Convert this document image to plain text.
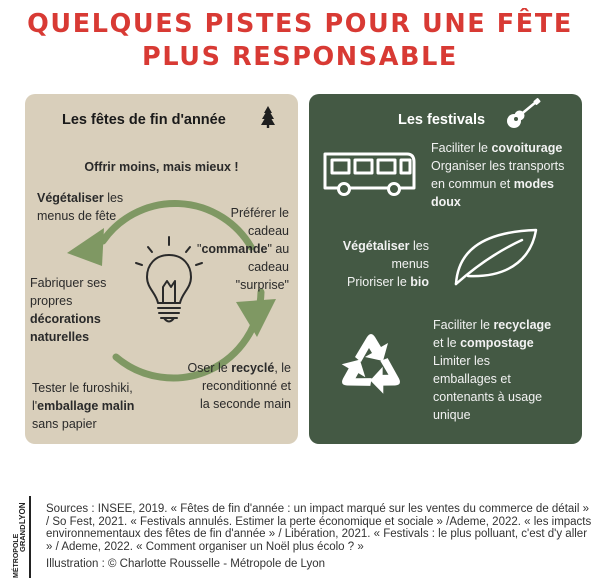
QUELQUES PISTES POUR UNE FÊTE
PLUS RESPONSABLE
Les fêtes de fin d'année
Offrir moins, mais mieux !
Végétaliser les
menus de fête	Préférer le
cadeau
"commande" au
cadeau
"surprise"
Fabriquer ses
propres
décorations
naturelles
Oser le recyclé, le
reconditionné et
la seconde main
Tester le furoshiki,
l'emballage malin
sans papier
Les festivals
Faciliter le covoiturage
Organiser les transports
en commun et modes
doux
Végétaliser les
menus
Prioriser le bio
Faciliter le recyclage
et le compostage
Limiter les
emballages et
contenants à usage
unique
LYON
GRAND
MÉTROPOLE

Sources : INSEE, 2019. « Fêtes de fin d'année : un impact marqué sur les ventes du commerce de détail » / So Fest, 2021. « Festivals annulés. Estimer la perte économique et sociale » /Ademe, 2022. « les impacts environnementaux des fêtes de fin d'année » / Libération, 2021. « Festivals : le plus polluant, c'est d'y aller » / Ademe, 2022. « Comment organiser un Noël plus écolo ? »

Illustration : © Charlotte Rousselle - Métropole de Lyon
